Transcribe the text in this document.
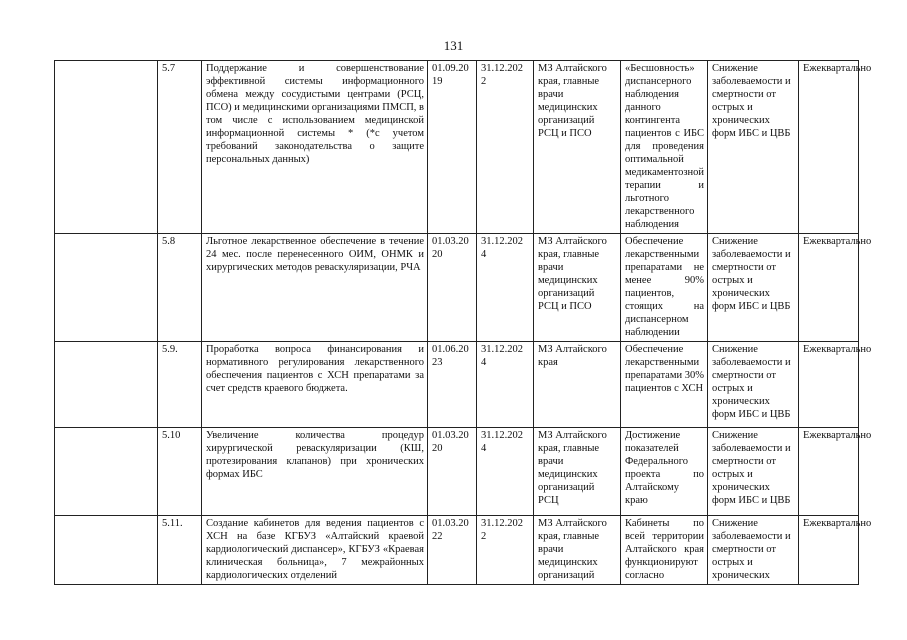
131
	5.7	Поддержание и совершенствование эффективной системы информационного обмена между сосудистыми центрами (РСЦ, ПСО) и медицинскими организациями ПМСП, в том числе с использованием медицинской информационной системы * (*с учетом требований законодательства о защите персональных данных)	01.09.20 19	31.12.202 2	МЗ Алтайского края, главные врачи медицинских организаций РСЦ и ПСО	«Бесшовность» диспансерного наблюдения данного контингента пациентов с ИБС для проведения оптимальной медикаментозной терапии и льготного лекарственного наблюдения	Снижение заболеваемости и смертности от острых и хронических форм ИБС и ЦВБ	Ежеквартально
	5.8	Льготное лекарственное обеспечение в течение 24 мес. после перенесенного ОИМ, ОНМК и хирургических методов реваскуляризации, РЧА	01.03.20 20	31.12.202 4	МЗ Алтайского края, главные врачи медицинских организаций РСЦ и ПСО	Обеспечение лекарственными препаратами не менее 90% пациентов, стоящих на диспансерном наблюдении	Снижение заболеваемости и смертности от острых и хронических форм ИБС и ЦВБ	Ежеквартально
	5.9.	Проработка вопроса финансирования и нормативного регулирования лекарственного обеспечения пациентов с ХСН препаратами за счет средств краевого бюджета.	01.06.20 23	31.12.202 4	МЗ Алтайского края	Обеспечение лекарственными препаратами 30% пациентов с ХСН	Снижение заболеваемости и смертности от острых и хронических форм ИБС и ЦВБ	Ежеквартально
	5.10	Увеличение количества процедур хирургической реваскуляризации (КШ, протезирования клапанов) при хронических формах ИБС	01.03.20 20	31.12.202 4	МЗ Алтайского края, главные врачи медицинских организаций РСЦ	Достижение показателей Федерального проекта по Алтайскому краю	Снижение заболеваемости и смертности от острых и хронических форм ИБС и ЦВБ	Ежеквартально
	5.11.	Создание кабинетов для ведения пациентов с ХСН на базе КГБУЗ «Алтайский краевой кардиологический диспансер», КГБУЗ «Краевая клиническая больница», 7 межрайонных кардиологических отделений	01.03.20 22	31.12.202 2	МЗ Алтайского края, главные врачи медицинских организаций	Кабинеты по всей территории Алтайского края функционируют согласно	Снижение заболеваемости и смертности от острых и хронических	Ежеквартально
